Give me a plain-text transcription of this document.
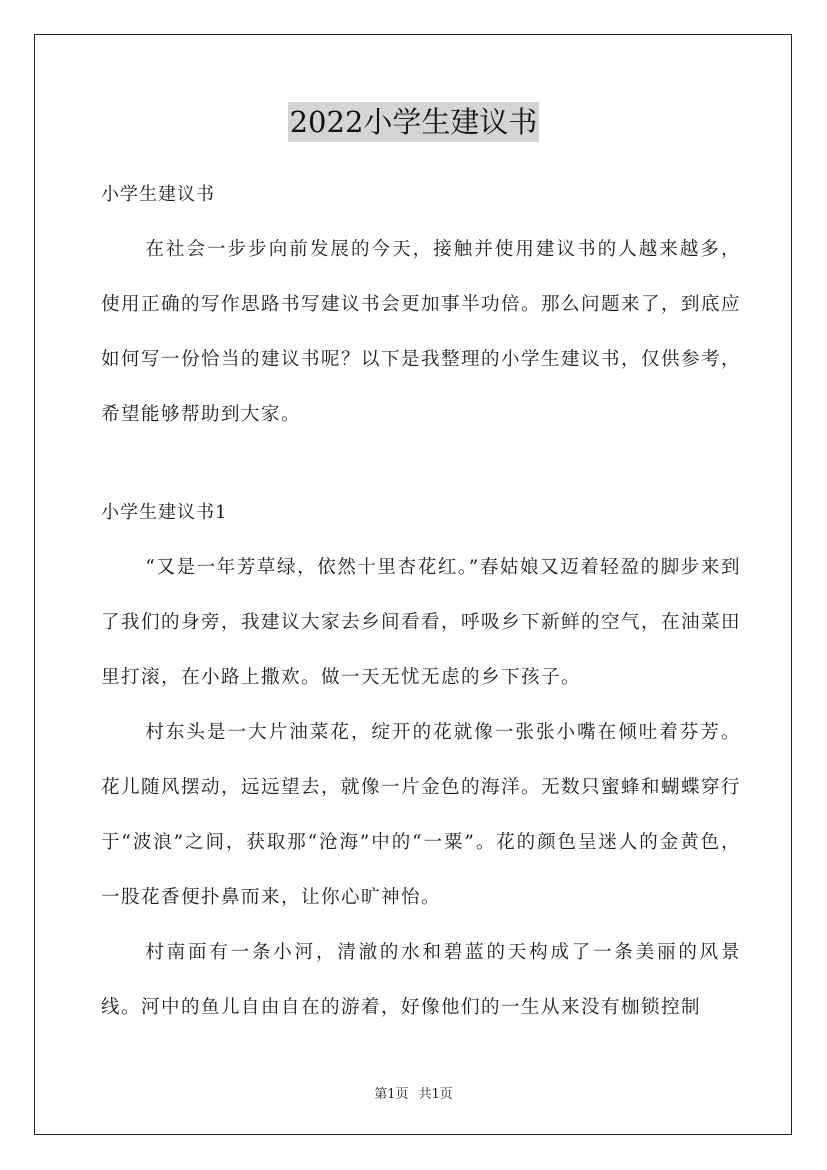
2022小学生建议书

小学生建议书

在社会一步步向前发展的今天，接触并使用建议书的人越来越多，使用正确的写作思路书写建议书会更加事半功倍。那么问题来了，到底应如何写一份恰当的建议书呢？以下是我整理的小学生建议书，仅供参考，希望能够帮助到大家。

小学生建议书1

“又是一年芳草绿，依然十里杏花红。”春姑娘又迈着轻盈的脚步来到了我们的身旁，我建议大家去乡间看看，呼吸乡下新鲜的空气，在油菜田里打滚，在小路上撒欢。做一天无忧无虑的乡下孩子。

村东头是一大片油菜花，绽开的花就像一张张小嘴在倾吐着芬芳。花儿随风摆动，远远望去，就像一片金色的海洋。无数只蜜蜂和蝴蝶穿行于“波浪”之间，获取那“沧海”中的“一粟”。花的颜色呈迷人的金黄色，一股花香便扑鼻而来，让你心旷神怡。

村南面有一条小河，清澈的水和碧蓝的天构成了一条美丽的风景线。河中的鱼儿自由自在的游着，好像他们的一生从来没有枷锁控制

第1页 共1页
